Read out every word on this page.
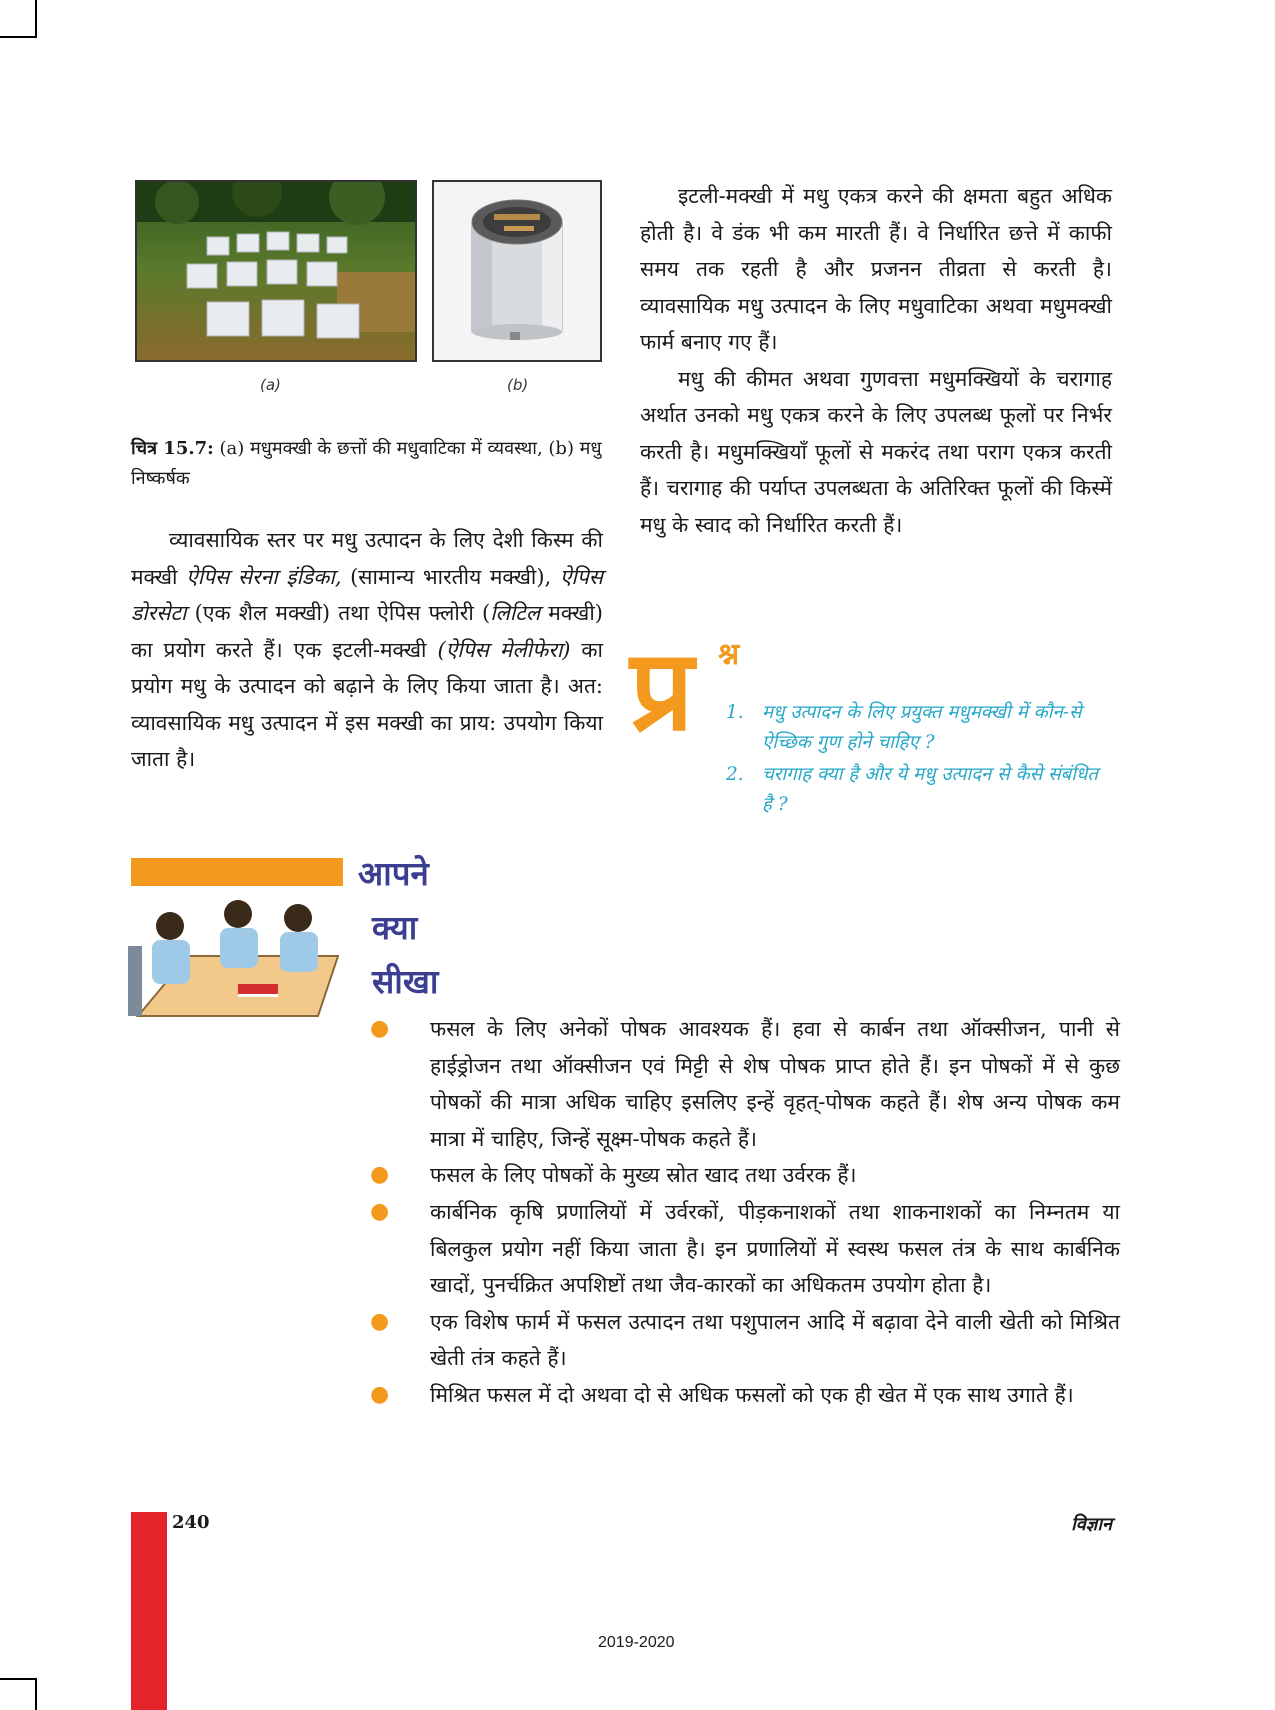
(a)	(b)
चित्र 15.7: (a) मधुमक्खी के छत्तों की मधुवाटिका में व्यवस्था, (b) मधु निष्कर्षक

व्यावसायिक स्तर पर मधु उत्पादन के लिए देशी किस्म की मक्खी ऐपिस सेरना इंडिका, (सामान्य भारतीय मक्खी), ऐपिस डोरसेटा (एक शैल मक्खी) तथा ऐपिस फ्लोरी (लिटिल मक्खी) का प्रयोग करते हैं। एक इटली-मक्खी (ऐपिस मेलीफेरा) का प्रयोग मधु के उत्पादन को बढ़ाने के लिए किया जाता है। अत: व्यावसायिक मधु उत्पादन में इस मक्खी का प्राय: उपयोग किया जाता है।

इटली-मक्खी में मधु एकत्र करने की क्षमता बहुत अधिक होती है। वे डंक भी कम मारती हैं। वे निर्धारित छत्ते में काफी समय तक रहती है और प्रजनन तीव्रता से करती है। व्यावसायिक मधु उत्पादन के लिए मधुवाटिका अथवा मधुमक्खी फार्म बनाए गए हैं।

मधु की कीमत अथवा गुणवत्ता मधुमक्खियों के चरागाह अर्थात उनको मधु एकत्र करने के लिए उपलब्ध फूलों पर निर्भर करती है। मधुमक्खियाँ फूलों से मकरंद तथा पराग एकत्र करती हैं। चरागाह की पर्याप्त उपलब्धता के अतिरिक्त फूलों की किस्में मधु के स्वाद को निर्धारित करती हैं।

प्र श्न
1. मधु उत्पादन के लिए प्रयुक्त मधुमक्खी में कौन-से ऐच्छिक गुण होने चाहिए ?
2. चरागाह क्या है और ये मधु उत्पादन से कैसे संबंधित है ?
आपने
क्या
सीखा
● फसल के लिए अनेकों पोषक आवश्यक हैं। हवा से कार्बन तथा ऑक्सीजन, पानी से हाईड्रोजन तथा ऑक्सीजन एवं मिट्टी से शेष पोषक प्राप्त होते हैं। इन पोषकों में से कुछ पोषकों की मात्रा अधिक चाहिए इसलिए इन्हें वृहत्-पोषक कहते हैं। शेष अन्य पोषक कम मात्रा में चाहिए, जिन्हें सूक्ष्म-पोषक कहते हैं।
● फसल के लिए पोषकों के मुख्य स्रोत खाद तथा उर्वरक हैं।
● कार्बनिक कृषि प्रणालियों में उर्वरकों, पीड़कनाशकों तथा शाकनाशकों का निम्नतम या बिलकुल प्रयोग नहीं किया जाता है। इन प्रणालियों में स्वस्थ फसल तंत्र के साथ कार्बनिक खादों, पुनर्चक्रित अपशिष्टों तथा जैव-कारकों का अधिकतम उपयोग होता है।
● एक विशेष फार्म में फसल उत्पादन तथा पशुपालन आदि में बढ़ावा देने वाली खेती को मिश्रित खेती तंत्र कहते हैं।
● मिश्रित फसल में दो अथवा दो से अधिक फसलों को एक ही खेत में एक साथ उगाते हैं।
240	विज्ञान
2019-2020
